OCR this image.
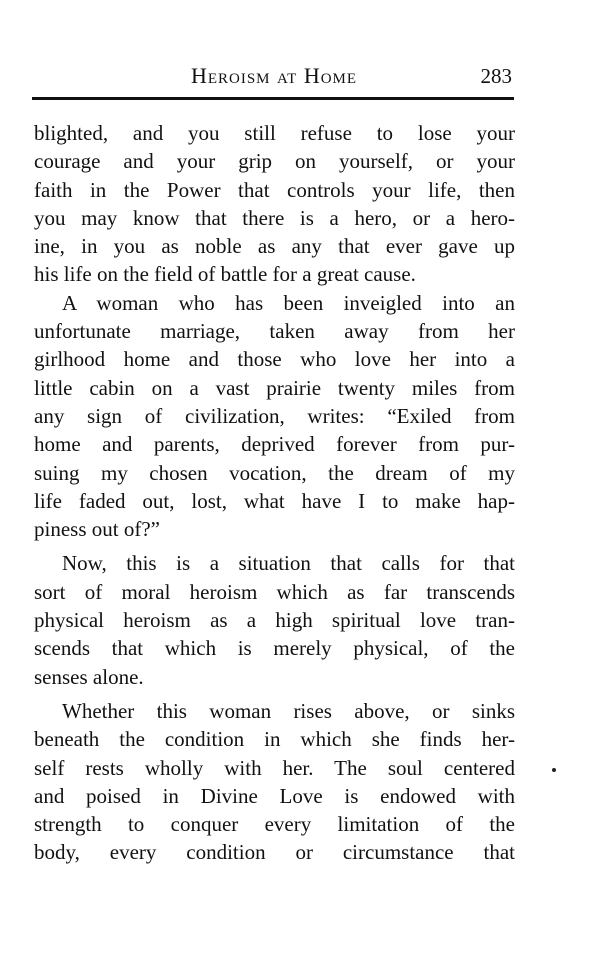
Heroism at Home	283
blighted, and you still refuse to lose your
courage and your grip on yourself, or your
faith in the Power that controls your life, then
you may know that there is a hero, or a hero-
ine, in you as noble as any that ever gave up
his life on the field of battle for a great cause.
A woman who has been inveigled into an
unfortunate marriage, taken away from her
girlhood home and those who love her into a
little cabin on a vast prairie twenty miles from
any sign of civilization, writes: “Exiled from
home and parents, deprived forever from pur-
suing my chosen vocation, the dream of my
life faded out, lost, what have I to make hap-
piness out of?”
Now, this is a situation that calls for that
sort of moral heroism which as far transcends
physical heroism as a high spiritual love tran-
scends that which is merely physical, of the
senses alone.
Whether this woman rises above, or sinks
beneath the condition in which she finds her-
self rests wholly with her. The soul centered
and poised in Divine Love is endowed with
strength to conquer every limitation of the
body, every condition or circumstance that
